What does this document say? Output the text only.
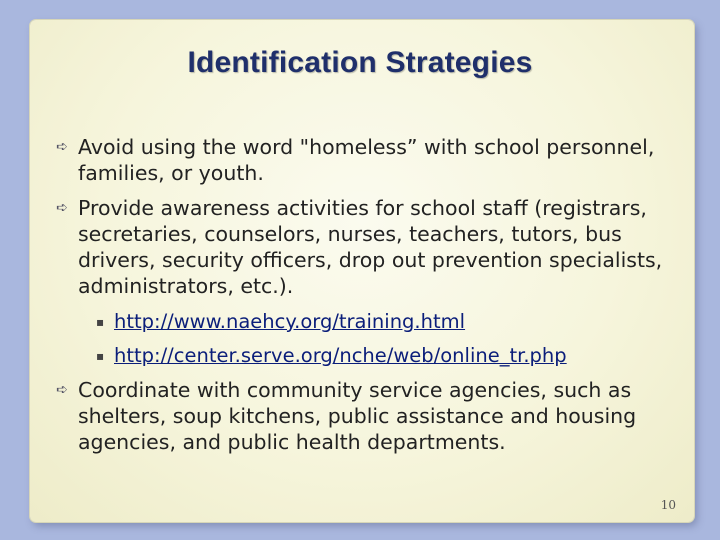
Identification Strategies
➪ Avoid using the word "homeless” with school personnel, families, or youth.
➪ Provide awareness activities for school staff (registrars, secretaries, counselors, nurses, teachers, tutors, bus drivers, security officers, drop out prevention specialists, administrators, etc.).
▪ http://www.naehcy.org/training.html
▪ http://center.serve.org/nche/web/online_tr.php
➪ Coordinate with community service agencies, such as shelters, soup kitchens, public assistance and housing agencies, and public health departments.
10
